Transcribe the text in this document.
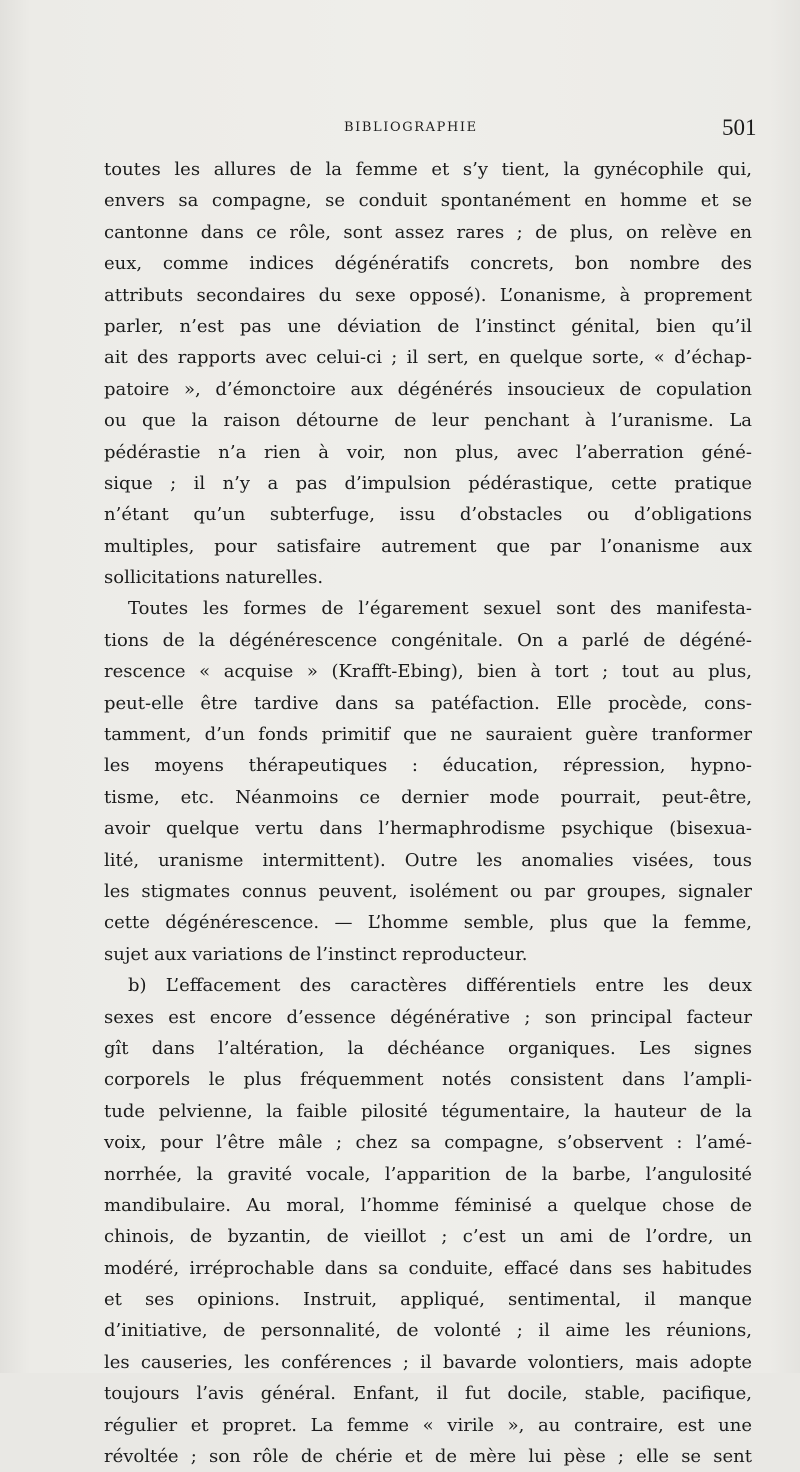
BIBLIOGRAPHIE	501
toutes les allures de la femme et s’y tient, la gynécophile qui,
envers sa compagne, se conduit spontanément en homme et se
cantonne dans ce rôle, sont assez rares ; de plus, on relève en
eux, comme indices dégénératifs concrets, bon nombre des
attributs secondaires du sexe opposé). L’onanisme, à proprement
parler, n’est pas une déviation de l’instinct génital, bien qu’il
ait des rapports avec celui-ci ; il sert, en quelque sorte, « d’échap-
patoire », d’émonctoire aux dégénérés insoucieux de copulation
ou que la raison détourne de leur penchant à l’uranisme. La
pédérastie n’a rien à voir, non plus, avec l’aberration géné-
sique ; il n’y a pas d’impulsion pédérastique, cette pratique
n’étant qu’un subterfuge, issu d’obstacles ou d’obligations
multiples, pour satisfaire autrement que par l’onanisme aux
sollicitations naturelles.
Toutes les formes de l’égarement sexuel sont des manifesta-
tions de la dégénérescence congénitale. On a parlé de dégéné-
rescence « acquise » (Krafft-Ebing), bien à tort ; tout au plus,
peut-elle être tardive dans sa patéfaction. Elle procède, cons-
tamment, d’un fonds primitif que ne sauraient guère tranformer
les moyens thérapeutiques : éducation, répression, hypno-
tisme, etc. Néanmoins ce dernier mode pourrait, peut-être,
avoir quelque vertu dans l’hermaphrodisme psychique (bisexua-
lité, uranisme intermittent). Outre les anomalies visées, tous
les stigmates connus peuvent, isolément ou par groupes, signaler
cette dégénérescence. — L’homme semble, plus que la femme,
sujet aux variations de l’instinct reproducteur.
b) L’effacement des caractères différentiels entre les deux
sexes est encore d’essence dégénérative ; son principal facteur
gît dans l’altération, la déchéance organiques. Les signes
corporels le plus fréquemment notés consistent dans l’ampli-
tude pelvienne, la faible pilosité tégumentaire, la hauteur de la
voix, pour l’être mâle ; chez sa compagne, s’observent : l’amé-
norrhée, la gravité vocale, l’apparition de la barbe, l’angulosité
mandibulaire. Au moral, l’homme féminisé a quelque chose de
chinois, de byzantin, de vieillot ; c’est un ami de l’ordre, un
modéré, irréprochable dans sa conduite, effacé dans ses habitudes
et ses opinions. Instruit, appliqué, sentimental, il manque
d’initiative, de personnalité, de volonté ; il aime les réunions,
les causeries, les conférences ; il bavarde volontiers, mais adopte
toujours l’avis général. Enfant, il fut docile, stable, pacifique,
régulier et propret. La femme « virile », au contraire, est une
révoltée ; son rôle de chérie et de mère lui pèse ; elle se sent
